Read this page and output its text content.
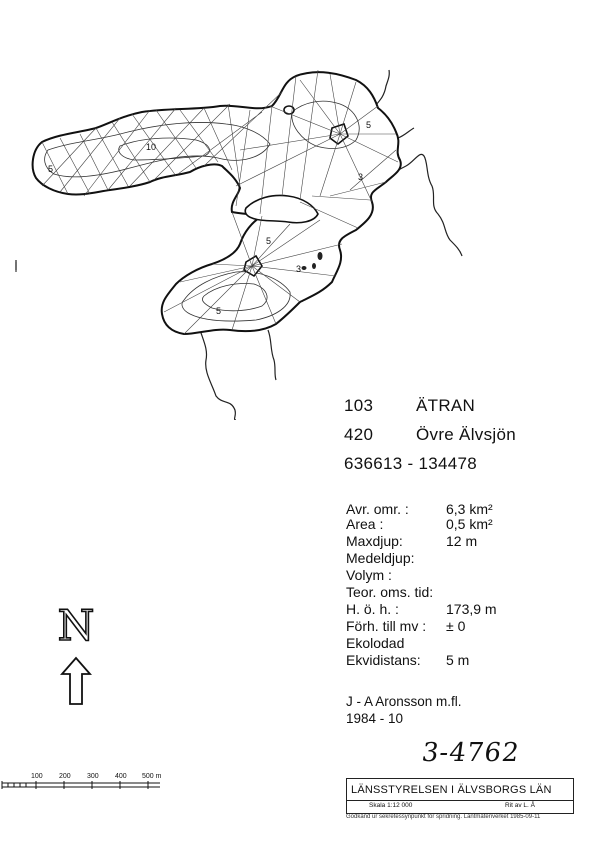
5
10
5
3
5
3
5
103	ÄTRAN
420	Övre Älvsjön
636613 - 134478
Avr. omr. :	6,3 km²
Area :	0,5 km²
Maxdjup:	12 m
Medeldjup:
Volym :
Teor. oms. tid:
H. ö. h. :	173,9 m
Förh. till mv : ± 0
Ekolodad
Ekvidistans: 5 m
J - A Aronsson m.fl.
1984 - 10
N
100 200 300 400 500 m
3-4762
LÄNSSTYRELSEN I ÄLVSBORGS LÄN
Skala 1:12 000	Rit av L. Å
Godkänd ur sekretessynpunkt för spridning. Lantmäteriverket 1985-09-11
